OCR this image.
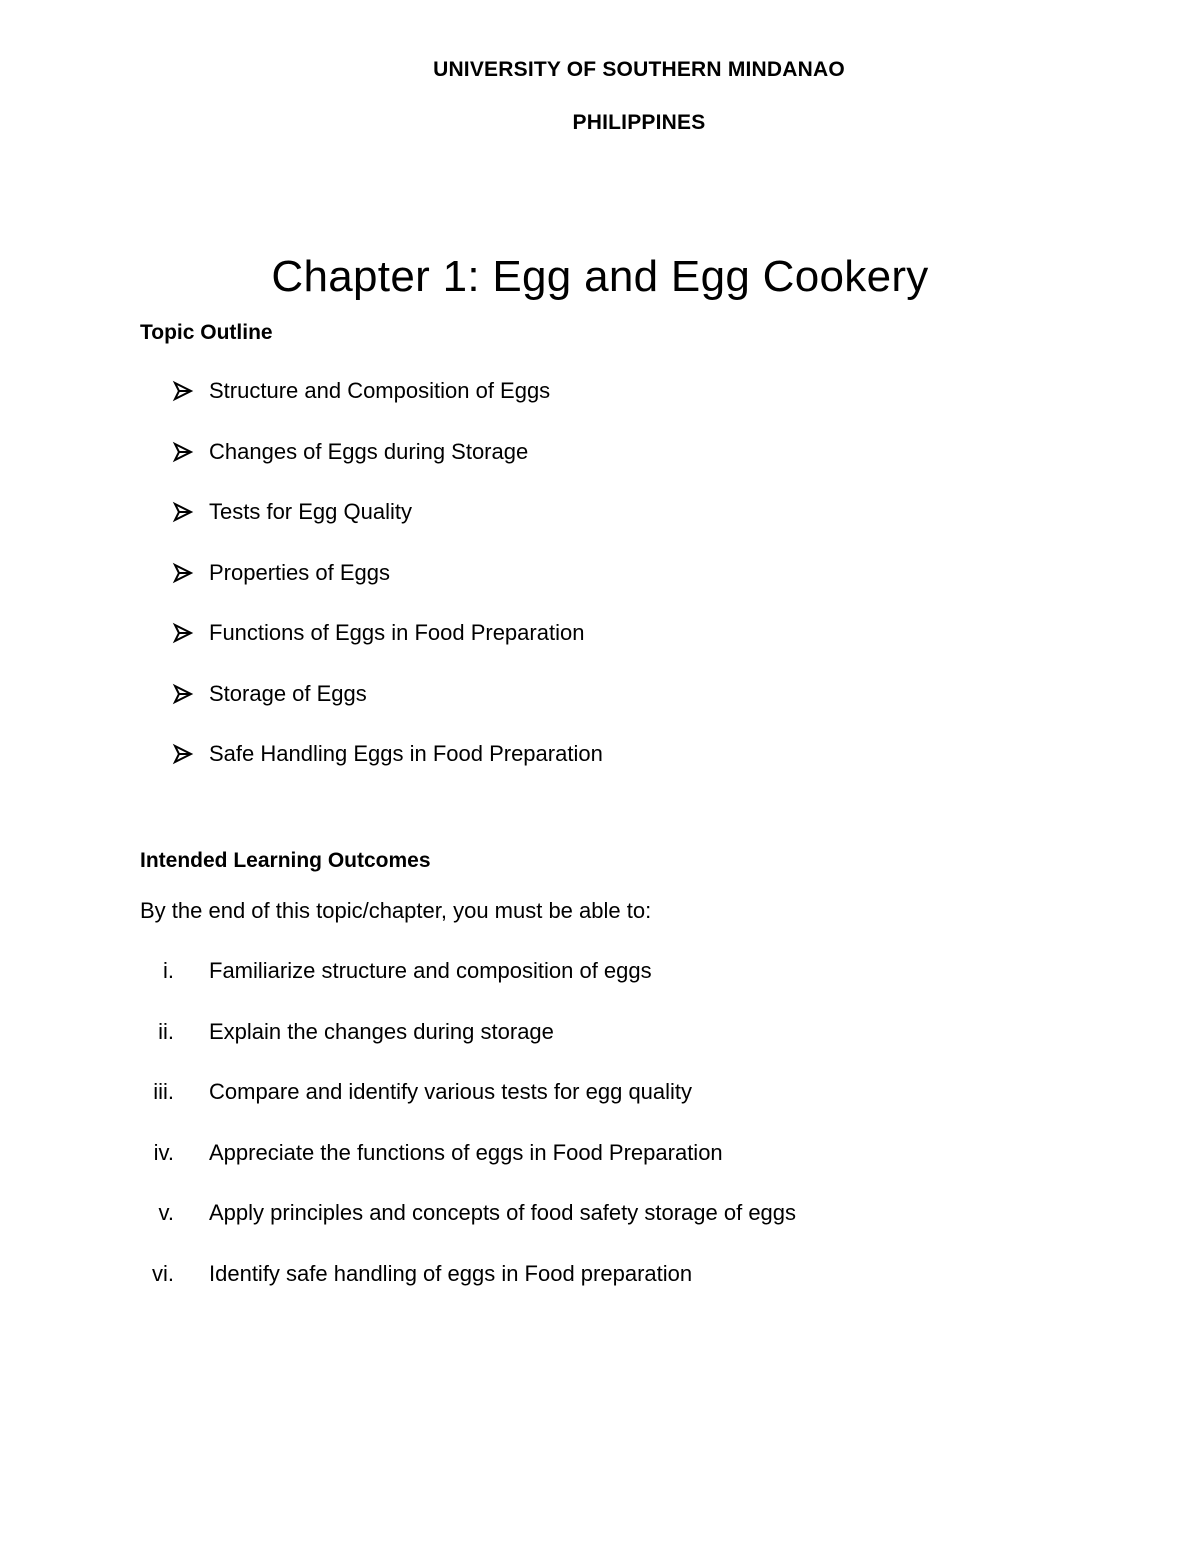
UNIVERSITY OF SOUTHERN MINDANAO
PHILIPPINES
Chapter 1: Egg and Egg Cookery
Topic Outline
Structure and Composition of Eggs
Changes of Eggs during Storage
Tests for Egg Quality
Properties of Eggs
Functions of Eggs in Food Preparation
Storage of Eggs
Safe Handling Eggs in Food Preparation
Intended Learning Outcomes
By the end of this topic/chapter, you must be able to:
i. Familiarize structure and composition of eggs
ii. Explain the changes during storage
iii. Compare and identify various tests for egg quality
iv. Appreciate the functions of eggs in Food Preparation
v. Apply principles and concepts of food safety storage of eggs
vi. Identify safe handling of eggs in Food preparation
